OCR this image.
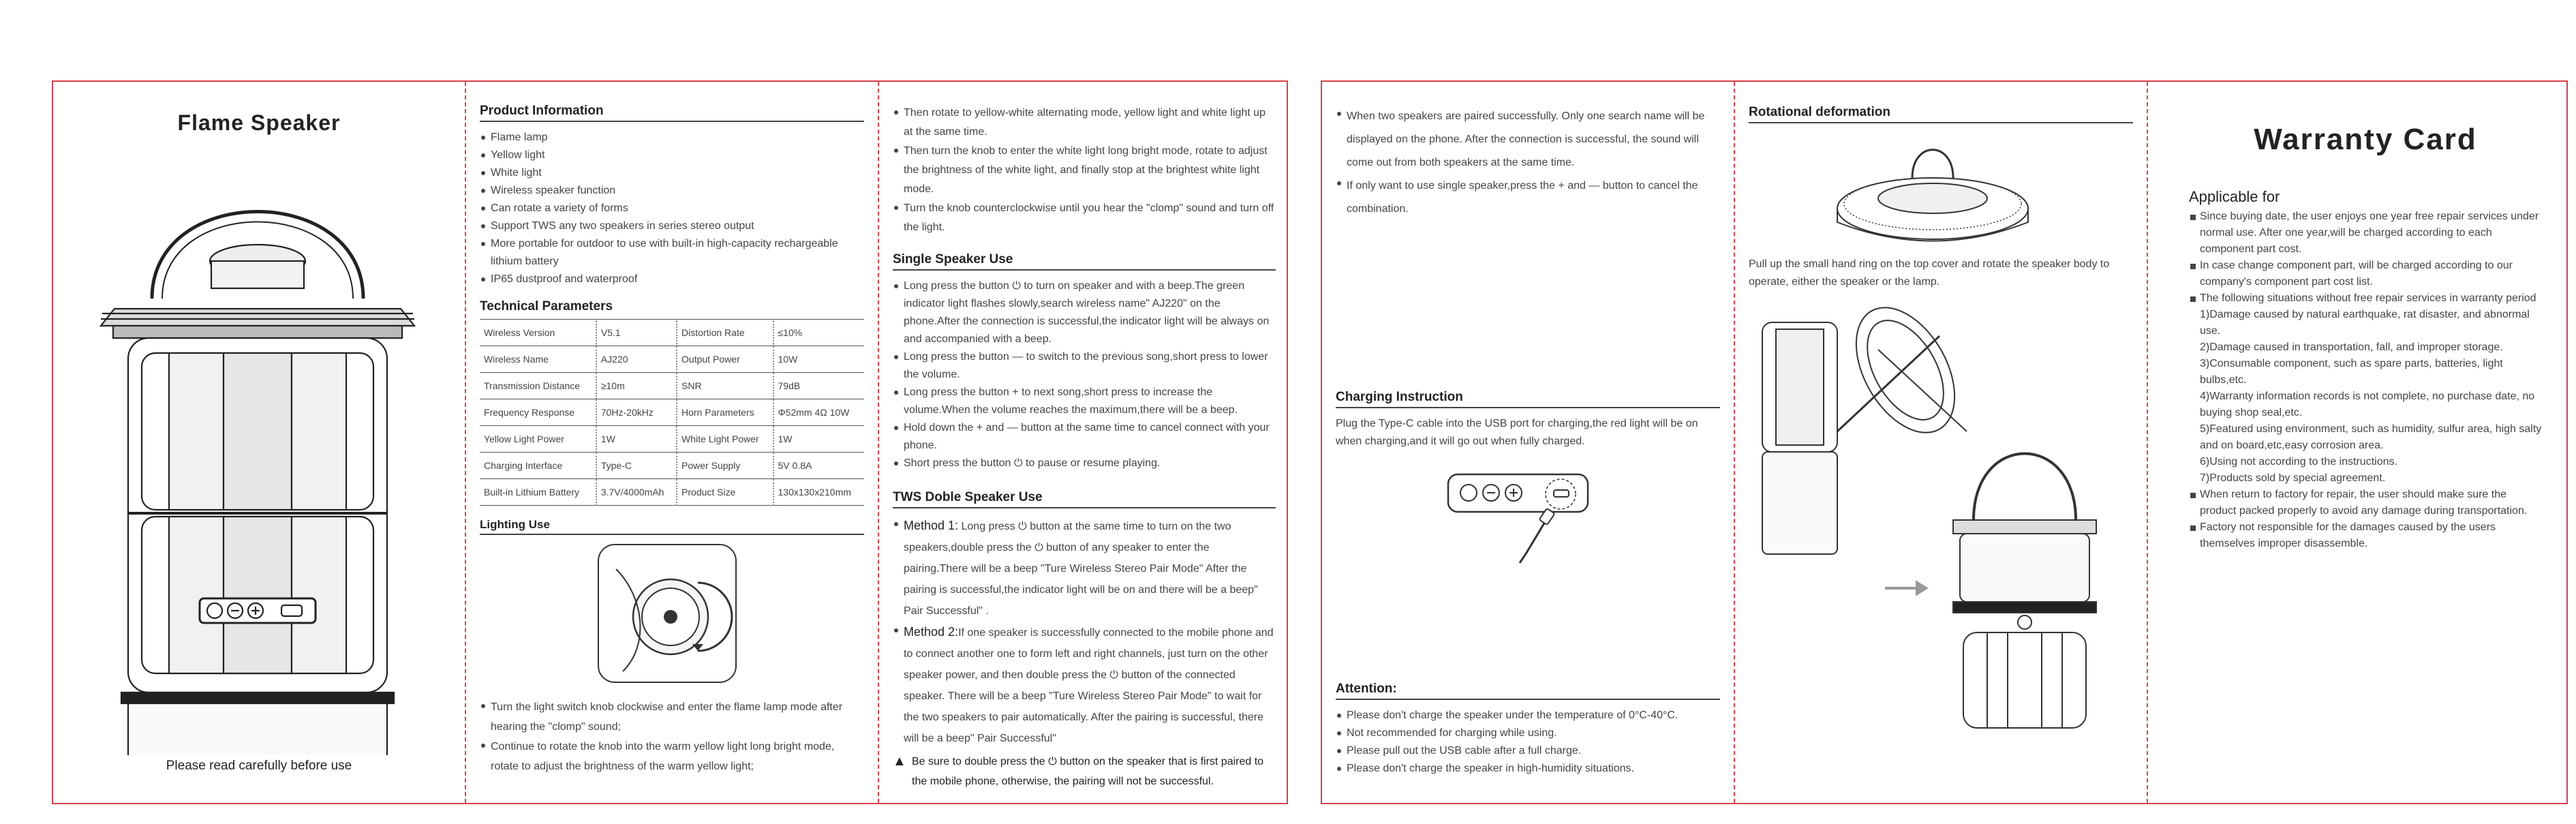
Flame Speaker
Please read carefully before use
Product Information
Flame lamp
Yellow light
White light
Wireless speaker function
Can rotate a variety of forms
Support TWS any two speakers in series stereo output
More portable for outdoor to use with built-in high-capacity rechargeable lithium battery
IP65 dustproof and waterproof
Technical Parameters
Wireless Version	V5.1	Distortion Rate	≤10%
Wireless Name	AJ220	Output Power	10W
Transmission Distance	≥10m	SNR	79dB
Frequency Response	70Hz-20kHz	Horn Parameters	Φ52mm 4Ω 10W
Yellow Light Power	1W	White Light Power	1W
Charging Interface	Type-C	Power Supply	5V 0.8A
Built-in Lithium Battery	3.7V/4000mAh	Product Size	130x130x210mm
Lighting Use
Turn the light switch knob clockwise and enter the flame lamp mode after hearing the "clomp" sound;
Continue to rotate the knob into the warm yellow light long bright mode, rotate to adjust the brightness of the warm yellow light;
Then rotate to yellow-white alternating mode, yellow light and white light up at the same time.
Then turn the knob to enter the white light long bright mode, rotate to adjust the brightness of the white light, and finally stop at the brightest white light mode.
Turn the knob counterclockwise until you hear the "clomp" sound and turn off the light.
Single Speaker Use
Long press the button ⏻ to turn on speaker and with a beep.The green indicator light flashes slowly,search wireless name" AJ220" on the phone.After the connection is successful,the indicator light will be always on and accompanied with a beep.
Long press the button — to switch to the previous song,short press to lower the volume.
Long press the button + to next song,short press to increase the volume.When the volume reaches the maximum,there will be a beep.
Hold down the + and — button at the same time to cancel connect with your phone.
Short press the button ⏻ to pause or resume playing.
TWS Doble Speaker Use
Method 1: Long press ⏻ button at the same time to turn on the two speakers,double press the ⏻ button of any speaker to enter the pairing.There will be a beep "Ture Wireless Stereo Pair Mode" After the pairing is successful,the indicator light will be on and there will be a beep" Pair Successful" .
Method 2:If one speaker is successfully connected to the mobile phone and to connect another one to form left and right channels, just turn on the other speaker power, and then double press the ⏻ button of the connected speaker. There will be a beep "Ture Wireless Stereo Pair Mode" to wait for the two speakers to pair automatically. After the pairing is successful, there will be a beep" Pair Successful"
▲ Be sure to double press the ⏻ button on the speaker that is first paired to the mobile phone, otherwise, the pairing will not be successful.
When two speakers are paired successfully. Only one search name will be displayed on the phone. After the connection is successful, the sound will come out from both speakers at the same time.
If only want to use single speaker,press the + and — button to cancel the combination.
Charging Instruction
Plug the Type-C cable into the USB port for charging,the red light will be on when charging,and it will go out when fully charged.
Attention:
Please don't charge the speaker under the temperature of 0°C-40°C.
Not recommended for charging while using.
Please pull out the USB cable after a full charge.
Please don't charge the speaker in high-humidity situations.
Rotational deformation
Pull up the small hand ring on the top cover and rotate the speaker body to operate, either the speaker or the lamp.
Warranty Card
Applicable for
Since buying date, the user enjoys one year free repair services under normal use. After one year,will be charged according to each component part cost.
In case change component part, will be charged according to our company's component part cost list.
The following situations without free repair services in warranty period
1)Damage caused by natural earthquake, rat disaster, and abnormal use.
2)Damage caused in transportation, fall, and improper storage.
3)Consumable component, such as spare parts, batteries, light bulbs,etc.
4)Warranty information records is not complete, no purchase date, no buying shop seal,etc.
5)Featured using environment, such as humidity, sulfur area, high salty and on board,etc,easy corrosion area.
6)Using not according to the instructions.
7)Products sold by special agreement.
When return to factory for repair, the user should make sure the product packed properly to avoid any damage during transportation.
Factory not responsible for the damages caused by the users themselves improper disassemble.
